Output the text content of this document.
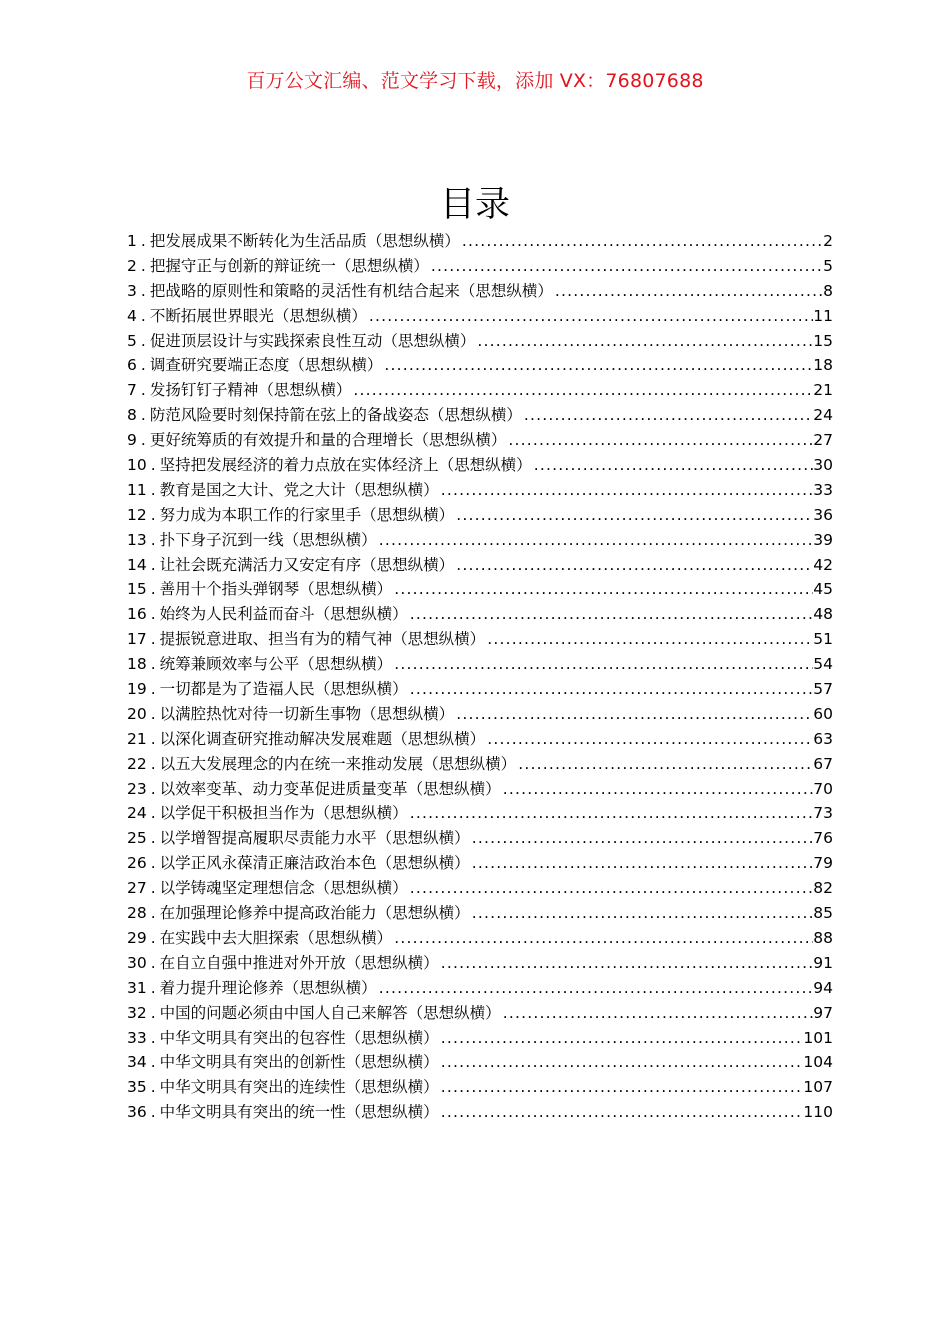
百万公文汇编、范文学习下载，添加 VX：76807688
目录
1 . 把发展成果不断转化为生活品质（思想纵横） .....	2
2 . 把握守正与创新的辩证统一（思想纵横） .....	5
3 . 把战略的原则性和策略的灵活性有机结合起来（思想纵横） .....	8
4 . 不断拓展世界眼光（思想纵横） .....	11
5 . 促进顶层设计与实践探索良性互动（思想纵横） .....	15
6 . 调查研究要端正态度（思想纵横） .....	18
7 . 发扬钉钉子精神（思想纵横） .....	21
8 . 防范风险要时刻保持箭在弦上的备战姿态（思想纵横） .....	24
9 . 更好统筹质的有效提升和量的合理增长（思想纵横） .....	27
10 . 坚持把发展经济的着力点放在实体经济上（思想纵横） .....	30
11 . 教育是国之大计、党之大计（思想纵横） .....	33
12 . 努力成为本职工作的行家里手（思想纵横） .....	36
13 . 扑下身子沉到一线（思想纵横） .....	39
14 . 让社会既充满活力又安定有序（思想纵横） .....	42
15 . 善用十个指头弹钢琴（思想纵横） .....	45
16 . 始终为人民利益而奋斗（思想纵横） .....	48
17 . 提振锐意进取、担当有为的精气神（思想纵横） .....	51
18 . 统筹兼顾效率与公平（思想纵横） .....	54
19 . 一切都是为了造福人民（思想纵横） .....	57
20 . 以满腔热忱对待一切新生事物（思想纵横） .....	60
21 . 以深化调查研究推动解决发展难题（思想纵横） .....	63
22 . 以五大发展理念的内在统一来推动发展（思想纵横） .....	67
23 . 以效率变革、动力变革促进质量变革（思想纵横） .....	70
24 . 以学促干积极担当作为（思想纵横） .....	73
25 . 以学增智提高履职尽责能力水平（思想纵横） .....	76
26 . 以学正风永葆清正廉洁政治本色（思想纵横） .....	79
27 . 以学铸魂坚定理想信念（思想纵横） .....	82
28 . 在加强理论修养中提高政治能力（思想纵横） .....	85
29 . 在实践中去大胆探索（思想纵横） .....	88
30 . 在自立自强中推进对外开放（思想纵横） .....	91
31 . 着力提升理论修养（思想纵横） .....	94
32 . 中国的问题必须由中国人自己来解答（思想纵横） .....	97
33 . 中华文明具有突出的包容性（思想纵横） .....	101
34 . 中华文明具有突出的创新性（思想纵横） .....	104
35 . 中华文明具有突出的连续性（思想纵横） .....	107
36 . 中华文明具有突出的统一性（思想纵横） .....	110
